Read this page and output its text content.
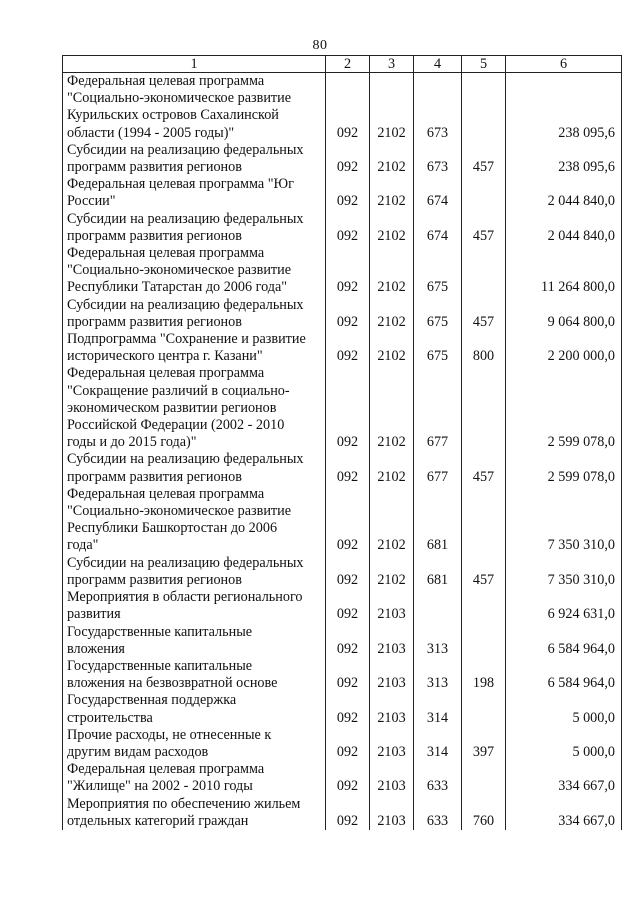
80
1	2	3	4	5	6

Федеральная целевая программа
"Социально-экономическое развитие
Курильских островов Сахалинской
области (1994 - 2005 годы)"	092	2102	673		238 095,6

Субсидии на реализацию федеральных
программ развития регионов	092	2102	673	457	238 095,6

Федеральная целевая программа "Юг
России"	092	2102	674		2 044 840,0

Субсидии на реализацию федеральных
программ развития регионов	092	2102	674	457	2 044 840,0

Федеральная целевая программа
"Социально-экономическое развитие
Республики Татарстан до 2006 года"	092	2102	675		11 264 800,0

Субсидии на реализацию федеральных
программ развития регионов	092	2102	675	457	9 064 800,0

Подпрограмма "Сохранение и развитие
исторического центра г. Казани"	092	2102	675	800	2 200 000,0

Федеральная целевая программа
"Сокращение различий в социально-
экономическом развитии регионов
Российской Федерации (2002 - 2010
годы и до 2015 года)"	092	2102	677		2 599 078,0

Субсидии на реализацию федеральных
программ развития регионов	092	2102	677	457	2 599 078,0

Федеральная целевая программа
"Социально-экономическое развитие
Республики Башкортостан до 2006
года"	092	2102	681		7 350 310,0

Субсидии на реализацию федеральных
программ развития регионов	092	2102	681	457	7 350 310,0

Мероприятия в области регионального
развития	092	2103			6 924 631,0

Государственные капитальные
вложения	092	2103	313		6 584 964,0

Государственные капитальные
вложения на безвозвратной основе	092	2103	313	198	6 584 964,0

Государственная поддержка
строительства	092	2103	314		5 000,0

Прочие расходы, не отнесенные к
другим видам расходов	092	2103	314	397	5 000,0

Федеральная целевая программа
"Жилище" на 2002 - 2010 годы	092	2103	633		334 667,0

Мероприятия по обеспечению жильем
отдельных категорий граждан	092	2103	633	760	334 667,0
